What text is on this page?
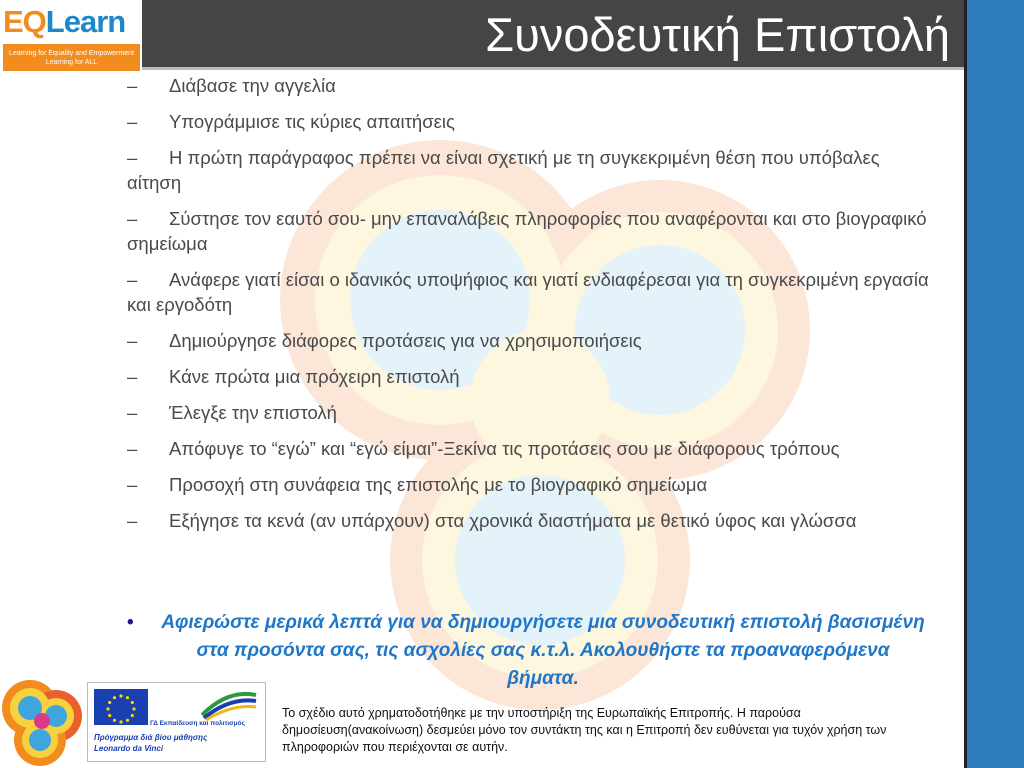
Συνοδευτική Επιστολή
EQLearn
Learning for Equality and Empowerment
Learning for ALL

– Διάβασε την αγγελία

– Υπογράμμισε τις κύριες απαιτήσεις

– Η πρώτη παράγραφος πρέπει να είναι σχετική με τη συγκεκριμένη θέση που υπόβαλες αίτηση

– Σύστησε τον εαυτό σου- μην επαναλάβεις πληροφορίες που αναφέρονται και στο βιογραφικό σημείωμα

– Ανάφερε γιατί είσαι ο ιδανικός υποψήφιος και γιατί ενδιαφέρεσαι για τη συγκεκριμένη εργασία και εργοδότη

– Δημιούργησε διάφορες προτάσεις για να χρησιμοποιήσεις

– Κάνε πρώτα μια πρόχειρη επιστολή

– Έλεγξε την επιστολή

– Απόφυγε το “εγώ” και “εγώ είμαι”-Ξεκίνα τις προτάσεις σου με διάφορους τρόπους

– Προσοχή στη συνάφεια της επιστολής με το βιογραφικό σημείωμα

– Εξήγησε τα κενά (αν υπάρχουν) στα χρονικά διαστήματα με θετικό ύφος και γλώσσα

•	Αφιερώστε μερικά λεπτά για να δημιουργήσετε μια συνοδευτική επιστολή βασισμένη στα προσόντα σας, τις ασχολίες σας κ.τ.λ. Ακολουθήστε τα προαναφερόμενα βήματα.
ΓΔ Εκπαίδευση και πολιτισμός
Πρόγραμμα διά βίου μάθησης
Leonardo da Vinci
Το σχέδιο αυτό χρηματοδοτήθηκε με την υποστήριξη της Ευρωπαϊκής Επιτροπής. Η παρούσα δημοσίευση(ανακοίνωση) δεσμεύει μόνο τον συντάκτη της και η Επιτροπή δεν ευθύνεται για τυχόν χρήση των πληροφοριών που περιέχονται σε αυτήν.
